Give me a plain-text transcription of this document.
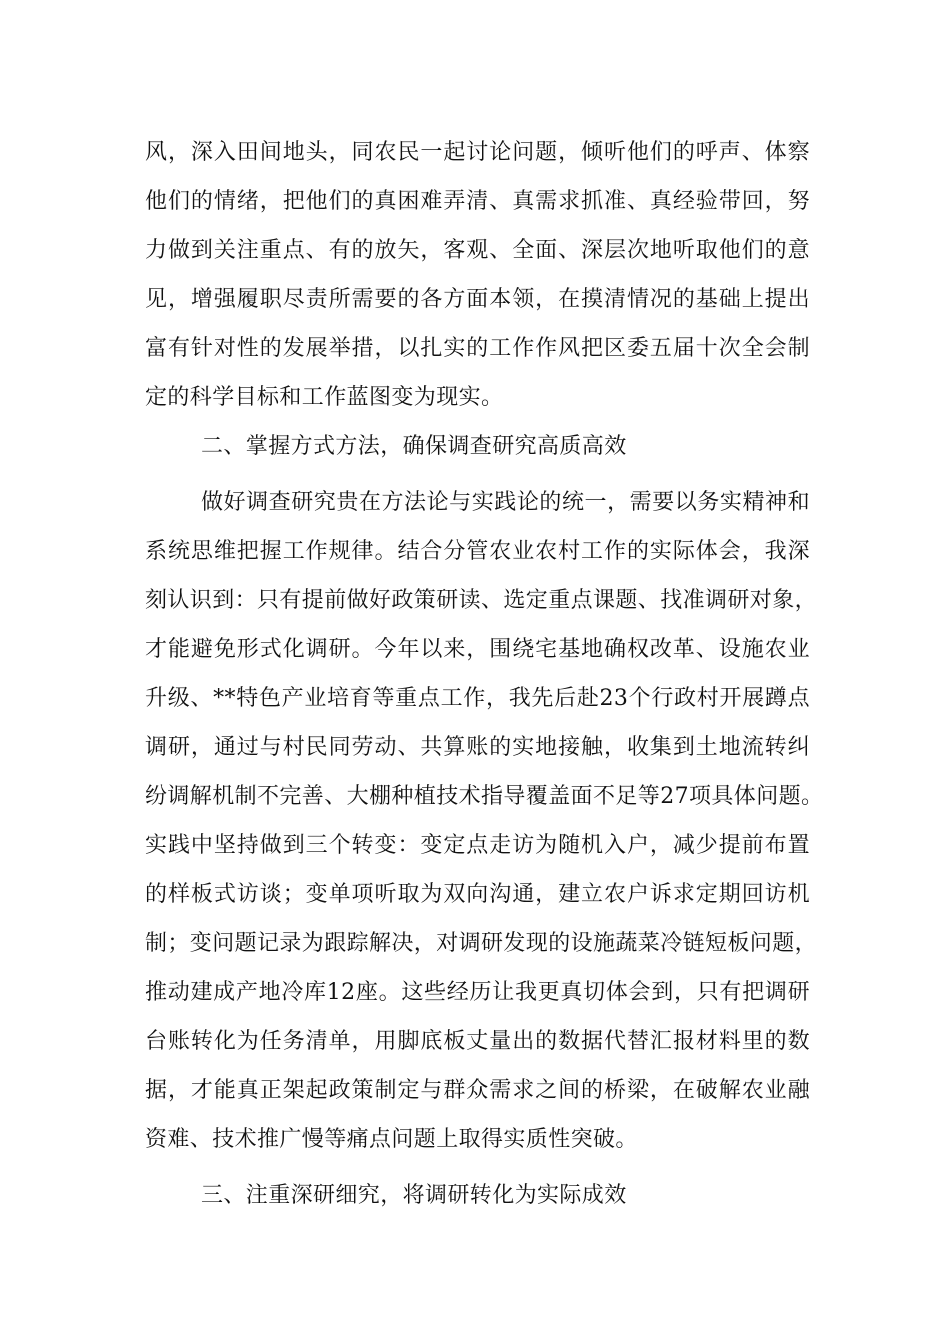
风，深入田间地头，同农民一起讨论问题，倾听他们的呼声、体察
他们的情绪，把他们的真困难弄清、真需求抓准、真经验带回，努
力做到关注重点、有的放矢，客观、全面、深层次地听取他们的意
见，增强履职尽责所需要的各方面本领，在摸清情况的基础上提出
富有针对性的发展举措，以扎实的工作作风把区委五届十次全会制
定的科学目标和工作蓝图变为现实。
二、掌握方式方法，确保调查研究高质高效
做好调查研究贵在方法论与实践论的统一，需要以务实精神和
系统思维把握工作规律。结合分管农业农村工作的实际体会，我深
刻认识到：只有提前做好政策研读、选定重点课题、找准调研对象，
才能避免形式化调研。今年以来，围绕宅基地确权改革、设施农业
升级、**特色产业培育等重点工作，我先后赴23个行政村开展蹲点
调研，通过与村民同劳动、共算账的实地接触，收集到土地流转纠
纷调解机制不完善、大棚种植技术指导覆盖面不足等27项具体问题。
实践中坚持做到三个转变：变定点走访为随机入户，减少提前布置
的样板式访谈；变单项听取为双向沟通，建立农户诉求定期回访机
制；变问题记录为跟踪解决，对调研发现的设施蔬菜冷链短板问题，
推动建成产地冷库12座。这些经历让我更真切体会到，只有把调研
台账转化为任务清单，用脚底板丈量出的数据代替汇报材料里的数
据，才能真正架起政策制定与群众需求之间的桥梁，在破解农业融
资难、技术推广慢等痛点问题上取得实质性突破。
三、注重深研细究，将调研转化为实际成效
